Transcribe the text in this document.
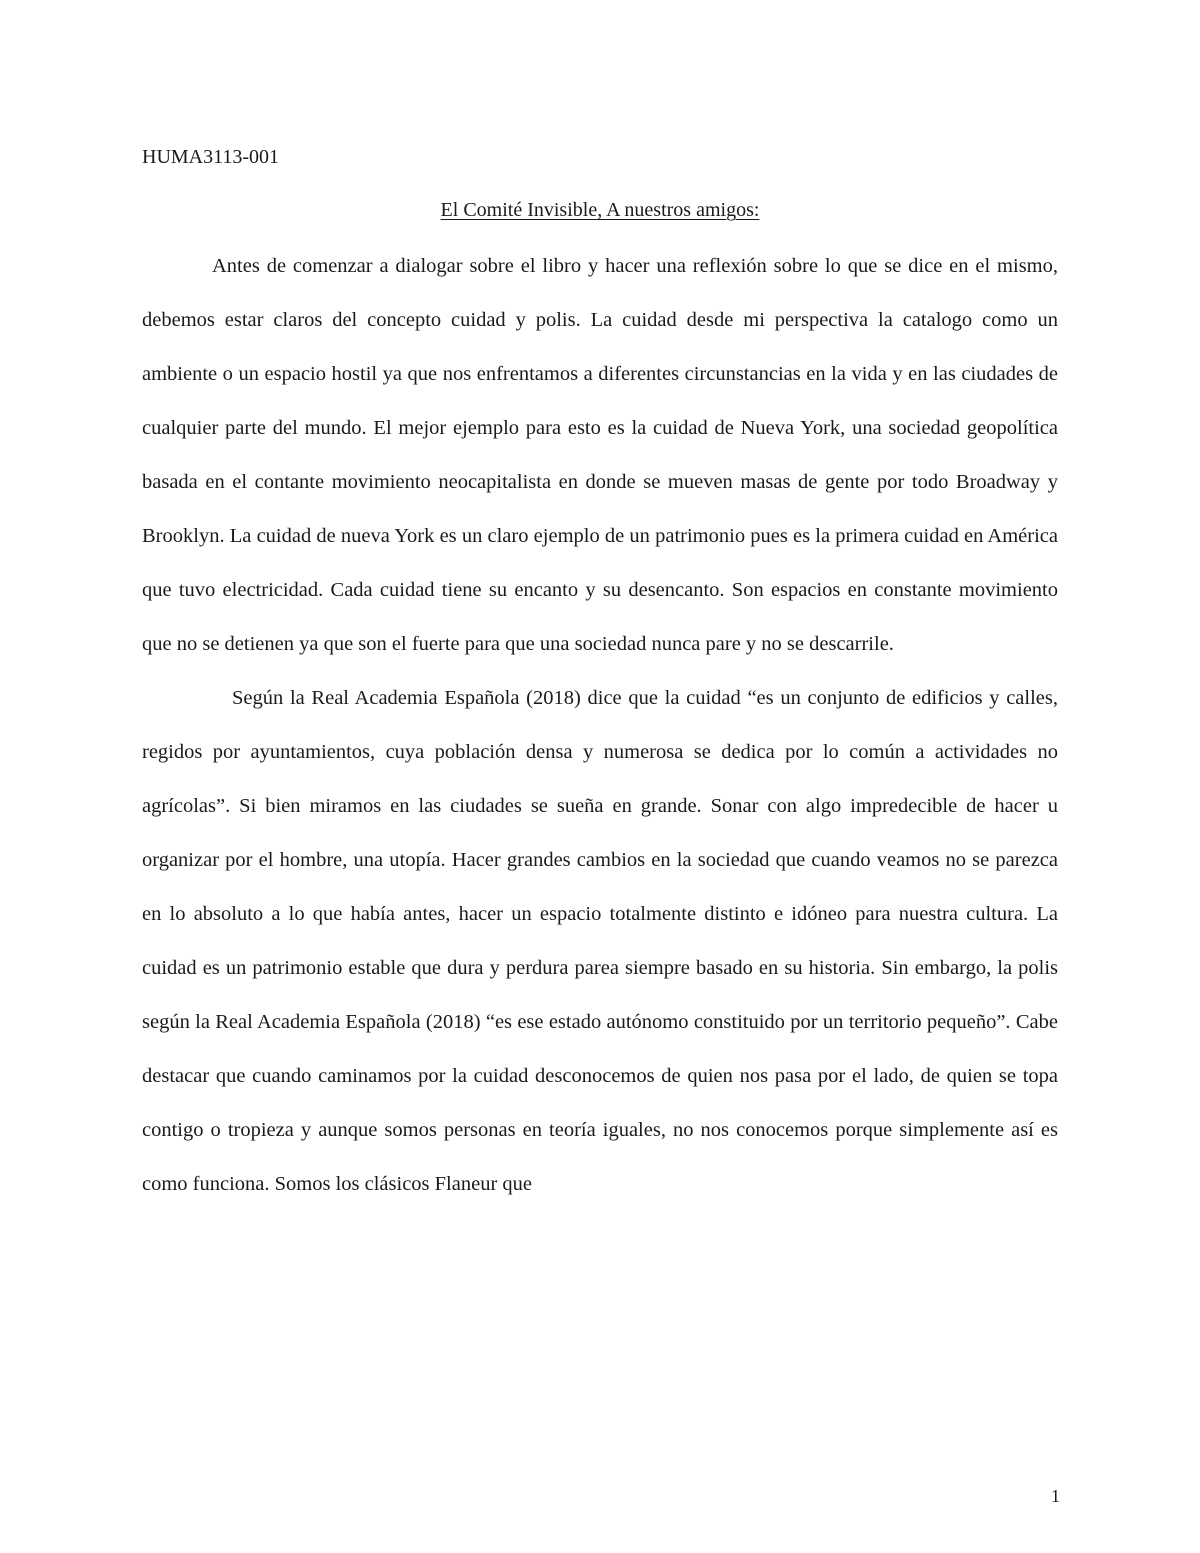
HUMA3113-001

El Comité Invisible, A nuestros amigos:

Antes de comenzar a dialogar sobre el libro y hacer una reflexión sobre lo que se dice en el mismo, debemos estar claros del concepto cuidad y polis. La cuidad desde mi perspectiva la catalogo como un ambiente o un espacio hostil ya que nos enfrentamos a diferentes circunstancias en la vida y en las ciudades de cualquier parte del mundo. El mejor ejemplo para esto es la cuidad de Nueva York, una sociedad geopolítica basada en el contante movimiento neocapitalista en donde se mueven masas de gente por todo Broadway y Brooklyn. La cuidad de nueva York es un claro ejemplo de un patrimonio pues es la primera cuidad en América que tuvo electricidad. Cada cuidad tiene su encanto y su desencanto. Son espacios en constante movimiento que no se detienen ya que son el fuerte para que una sociedad nunca pare y no se descarrile.

Según la Real Academia Española (2018) dice que la cuidad “es un conjunto de edificios y calles, regidos por ayuntamientos, cuya población densa y numerosa se dedica por lo común a actividades no agrícolas”. Si bien miramos en las ciudades se sueña en grande. Sonar con algo impredecible de hacer u organizar por el hombre, una utopía. Hacer grandes cambios en la sociedad que cuando veamos no se parezca en lo absoluto a lo que había antes, hacer un espacio totalmente distinto e idóneo para nuestra cultura. La cuidad es un patrimonio estable que dura y perdura parea siempre basado en su historia. Sin embargo, la polis según la Real Academia Española (2018) “es ese estado autónomo constituido por un territorio pequeño”. Cabe destacar que cuando caminamos por la cuidad desconocemos de quien nos pasa por el lado, de quien se topa contigo o tropieza y aunque somos personas en teoría iguales, no nos conocemos porque simplemente así es como funciona. Somos los clásicos Flaneur que

1
